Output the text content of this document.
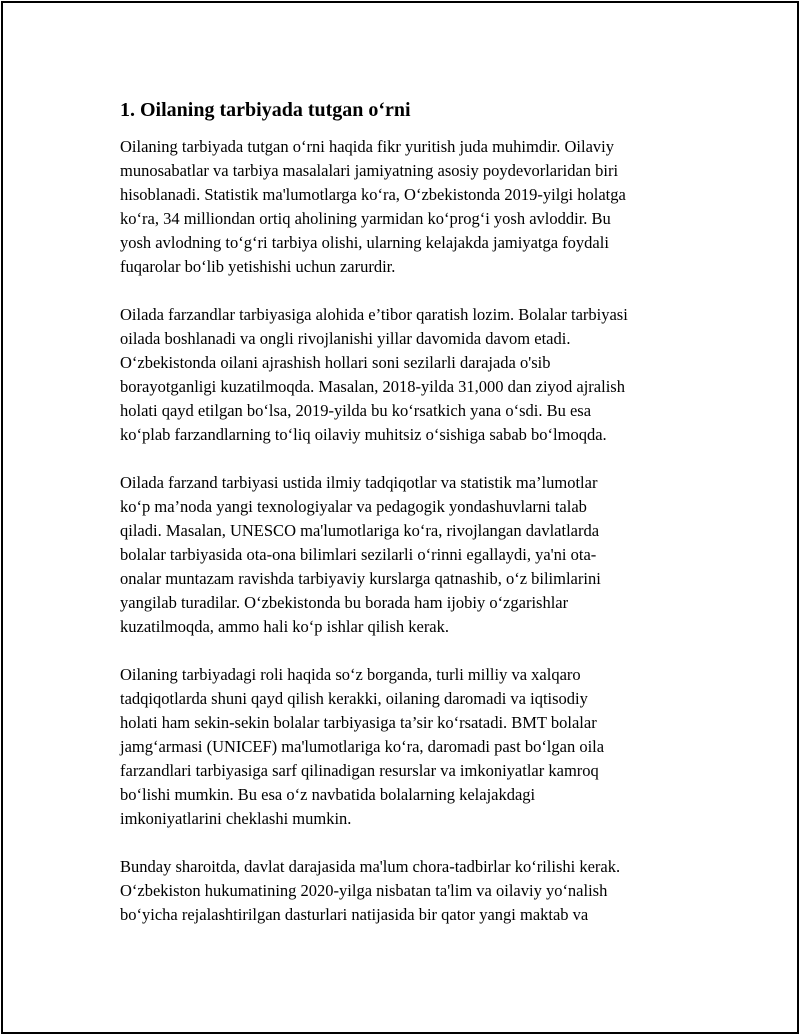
1. Oilaning tarbiyada tutgan o‘rni

Oilaning tarbiyada tutgan o‘rni haqida fikr yuritish juda muhimdir. Oilaviy
munosabatlar va tarbiya masalalari jamiyatning asosiy poydevorlaridan biri
hisoblanadi. Statistik ma'lumotlarga ko‘ra, O‘zbekistonda 2019-yilgi holatga
ko‘ra, 34 milliondan ortiq aholining yarmidan ko‘prog‘i yosh avloddir. Bu
yosh avlodning to‘g‘ri tarbiya olishi, ularning kelajakda jamiyatga foydali
fuqarolar bo‘lib yetishishi uchun zarurdir.

Oilada farzandlar tarbiyasiga alohida e’tibor qaratish lozim. Bolalar tarbiyasi
oilada boshlanadi va ongli rivojlanishi yillar davomida davom etadi.
O‘zbekistonda oilani ajrashish hollari soni sezilarli darajada o'sib
borayotganligi kuzatilmoqda. Masalan, 2018-yilda 31,000 dan ziyod ajralish
holati qayd etilgan bo‘lsa, 2019-yilda bu ko‘rsatkich yana o‘sdi. Bu esa
ko‘plab farzandlarning to‘liq oilaviy muhitsiz o‘sishiga sabab bo‘lmoqda.

Oilada farzand tarbiyasi ustida ilmiy tadqiqotlar va statistik ma’lumotlar
ko‘p ma’noda yangi texnologiyalar va pedagogik yondashuvlarni talab
qiladi. Masalan, UNESCO ma'lumotlariga ko‘ra, rivojlangan davlatlarda
bolalar tarbiyasida ota-ona bilimlari sezilarli o‘rinni egallaydi, ya'ni ota-
onalar muntazam ravishda tarbiyaviy kurslarga qatnashib, o‘z bilimlarini
yangilab turadilar. O‘zbekistonda bu borada ham ijobiy o‘zgarishlar
kuzatilmoqda, ammo hali ko‘p ishlar qilish kerak.

Oilaning tarbiyadagi roli haqida so‘z borganda, turli milliy va xalqaro
tadqiqotlarda shuni qayd qilish kerakki, oilaning daromadi va iqtisodiy
holati ham sekin-sekin bolalar tarbiyasiga ta’sir ko‘rsatadi. BMT bolalar
jamg‘armasi (UNICEF) ma'lumotlariga ko‘ra, daromadi past bo‘lgan oila
farzandlari tarbiyasiga sarf qilinadigan resurslar va imkoniyatlar kamroq
bo‘lishi mumkin. Bu esa o‘z navbatida bolalarning kelajakdagi
imkoniyatlarini cheklashi mumkin.

Bunday sharoitda, davlat darajasida ma'lum chora-tadbirlar ko‘rilishi kerak.
O‘zbekiston hukumatining 2020-yilga nisbatan ta'lim va oilaviy yo‘nalish
bo‘yicha rejalashtirilgan dasturlari natijasida bir qator yangi maktab va
